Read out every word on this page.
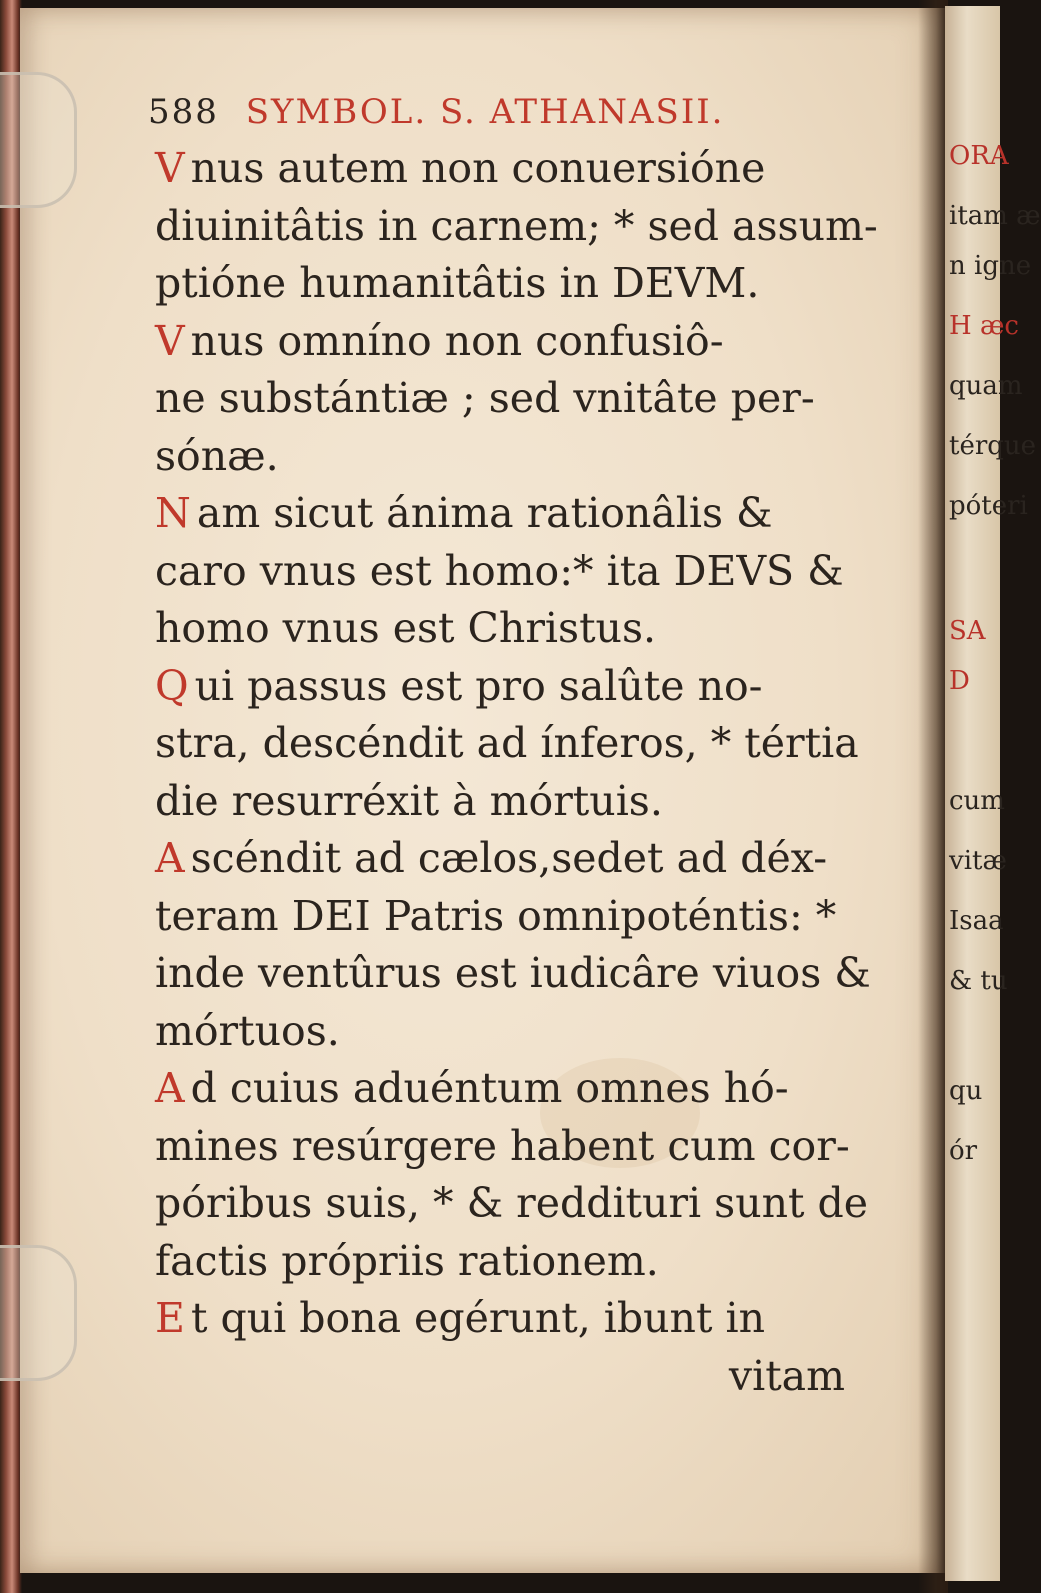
ORA
itam æ
n igne
H æc
quam
térque
póteri
SA
D
cum
vitæ
Isaa
& tu
qu
ór
588 SYMBOL. S. ATHANASII.
V nus autem non conuersióne
diuinitâtis in carnem; * sed assum-
ptióne humanitâtis in DEVM.
V nus omníno non confusiô-
ne substántiæ ; sed vnitâte per-
sónæ.
N am sicut ánima rationâlis &
caro vnus est homo:* ita DEVS &
homo vnus est Christus.
Q ui passus est pro salûte no-
stra, descéndit ad ínferos, * tértia
die resurréxit à mórtuis.
A scéndit ad cælos,sedet ad déx-
teram DEI Patris omnipoténtis: *
inde ventûrus est iudicâre viuos &
mórtuos.
A d cuius aduéntum omnes hó-
mines resúrgere habent cum cor-
póribus suis, * & reddituri sunt de
factis própriis rationem.
E t qui bona egérunt, ibunt in
vitam
